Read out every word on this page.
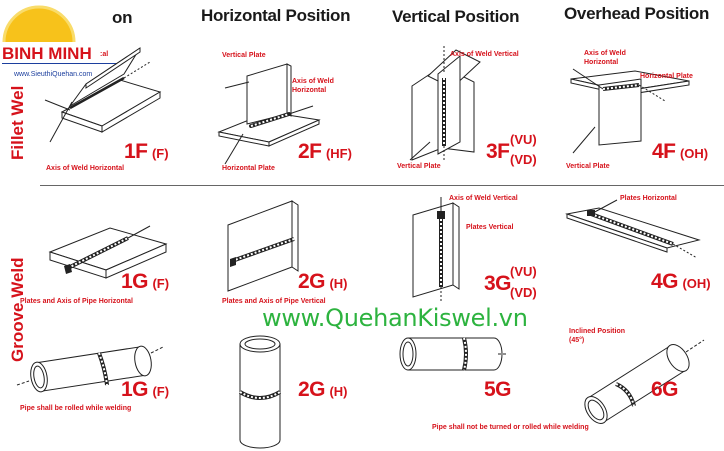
BINH MINH
www.SieuthiQuehan.com
:al
on	Horizontal Position Vertical Position	Overhead Position
Fillet Wel
Groove Weld
Axis of Weld Horizontal
1F (F)
Vertical Plate
Axis of Weld
Horizontal
Horizontal Plate
2F (HF)
Axis of Weld Vertical
Vertical Plate
3F
(VU)
(VD)
Axis of Weld
Horizontal
Horizontal Plate
Vertical Plate
4F (OH)
Plates and Axis of Pipe Horizontal
1G (F)
Plates and Axis of Pipe Vertical
2G (H)
Axis of Weld Vertical
Plates Vertical
3G
(VU)
(VD)
Plates Horizontal
4G (OH)
www.QuehanKiswel.vn
Pipe shall be rolled while welding
1G (F)	2G (H)	5G
Inclined Position
(45°)
6G
Pipe shall not be turned or rolled while welding
